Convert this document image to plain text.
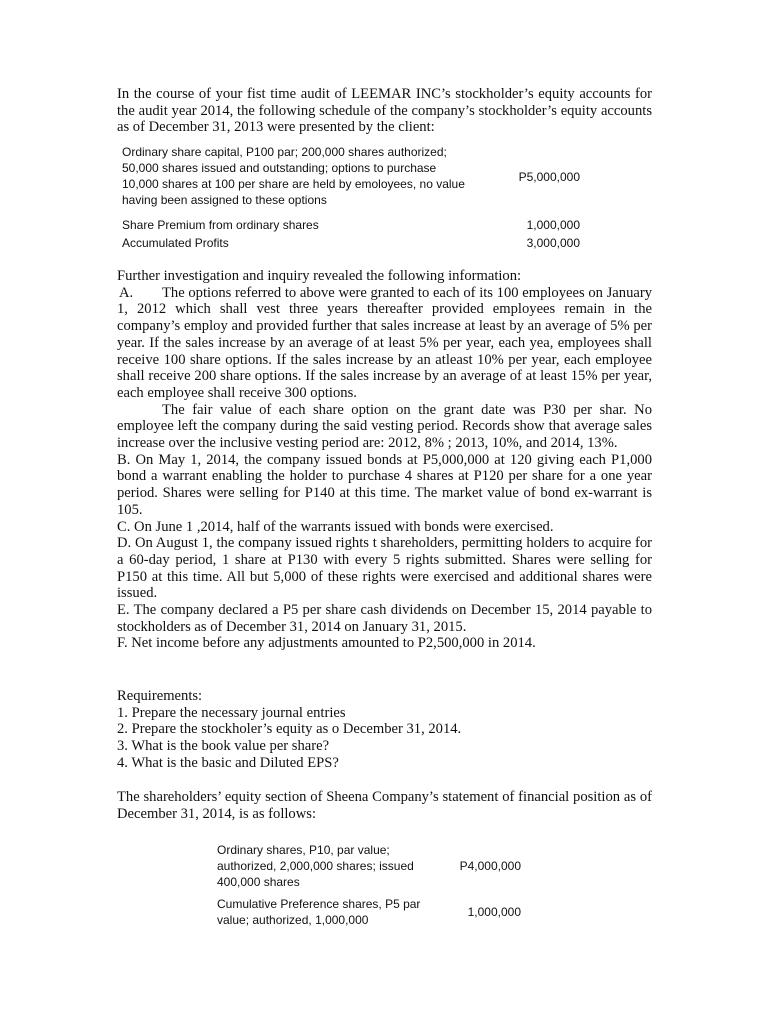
In the course of your fist time audit of LEEMAR INC’s stockholder’s equity accounts for the audit year 2014, the following schedule of the company’s stockholder’s equity accounts as of December 31, 2013 were presented by the client:
Ordinary share capital, P100 par; 200,000 shares authorized;
50,000 shares issued and outstanding; options to purchase
10,000 shares at 100 per share are held by emoloyees, no value
having been assigned to these options
P5,000,000
Share Premium from ordinary shares	1,000,000
Accumulated Profits	3,000,000
Further investigation and inquiry revealed the following information:
A. The options referred to above were granted to each of its 100 employees on January 1, 2012 which shall vest three years thereafter provided employees remain in the company’s employ and provided further that sales increase at least by an average of 5% per year. If the sales increase by an average of at least 5% per year, each yea, employees shall receive 100 share options. If the sales increase by an atleast 10% per year, each employee shall receive 200 share options. If the sales increase by an average of at least 15% per year, each employee shall receive 300 options.
The fair value of each share option on the grant date was P30 per shar. No employee left the company during the said vesting period. Records show that average sales increase over the inclusive vesting period are: 2012, 8% ; 2013, 10%, and 2014, 13%.
B. On May 1, 2014, the company issued bonds at P5,000,000 at 120 giving each P1,000 bond a warrant enabling the holder to purchase 4 shares at P120 per share for a one year period. Shares were selling for P140 at this time. The market value of bond ex-warrant is 105.
C. On June 1 ,2014, half of the warrants issued with bonds were exercised.
D. On August 1, the company issued rights t shareholders, permitting holders to acquire for a 60-day period, 1 share at P130 with every 5 rights submitted. Shares were selling for P150 at this time. All but 5,000 of these rights were exercised and additional shares were issued.
E. The company declared a P5 per share cash dividends on December 15, 2014 payable to stockholders as of December 31, 2014 on January 31, 2015.
F. Net income before any adjustments amounted to P2,500,000 in 2014.
Requirements:
1. Prepare the necessary journal entries
2. Prepare the stockholer’s equity as o December 31, 2014.
3. What is the book value per share?
4. What is the basic and Diluted EPS?
The shareholders’ equity section of Sheena Company’s statement of financial position as of December 31, 2014, is as follows:
Ordinary shares, P10, par value;
authorized, 2,000,000 shares; issued
400,000 shares
P4,000,000
Cumulative Preference shares, P5 par
value; authorized, 1,000,000
1,000,000
